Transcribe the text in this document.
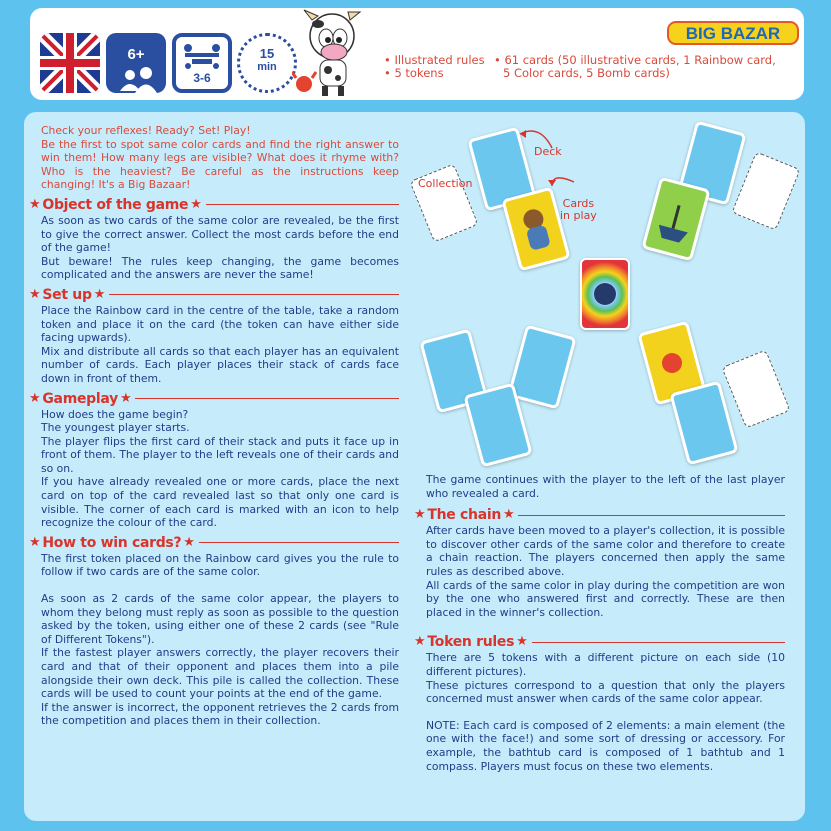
6+
3-6
15
min	• Illustrated rules
• 5 tokens
• 61 cards (50 illustrative cards, 1 Rainbow card,
5 Color cards, 5 Bomb cards)
BIG BAZAR
Check your reflexes! Ready? Set! Play!
Be the first to spot same color cards and find the right answer to win them! How many legs are visible? What does it rhyme with? Who is the heaviest? Be careful as the instructions keep changing! It's a Big Bazaar!
★ Object of the game ★
As soon as two cards of the same color are revealed, be the first to give the correct answer. Collect the most cards before the end of the game!
But beware! The rules keep changing, the game becomes complicated and the answers are never the same!
★ Set up ★
Place the Rainbow card in the centre of the table, take a random token and place it on the card (the token can have either side facing upwards).
Mix and distribute all cards so that each player has an equivalent number of cards. Each player places their stack of cards face down in front of them.
★ Gameplay ★
How does the game begin?
The youngest player starts.
The player flips the first card of their stack and puts it face up in front of them. The player to the left reveals one of their cards and so on.
If you have already revealed one or more cards, place the next card on top of the card revealed last so that only one card is visible. The corner of each card is marked with an icon to help recognize the colour of the card.
★ How to win cards? ★
The first token placed on the Rainbow card gives you the rule to follow if two cards are of the same color.
As soon as 2 cards of the same color appear, the players to whom they belong must reply as soon as possible to the question asked by the token, using either one of these 2 cards (see "Rule of Different Tokens").
If the fastest player answers correctly, the player recovers their card and that of their opponent and places them into a pile alongside their own deck. This pile is called the collection. These cards will be used to count your points at the end of the game.
If the answer is incorrect, the opponent retrieves the 2 cards from the competition and places them in their collection.
Deck
Collection
Cards
in play
The game continues with the player to the left of the last player who revealed a card.
★ The chain ★
After cards have been moved to a player's collection, it is possible to discover other cards of the same color and therefore to create a chain reaction. The players concerned then apply the same rules as described above.
All cards of the same color in play during the competition are won by the one who answered first and correctly. These are then placed in the winner's collection.
★ Token rules ★
There are 5 tokens with a different picture on each side (10 different pictures).
These pictures correspond to a question that only the players concerned must answer when cards of the same color appear.
NOTE: Each card is composed of 2 elements: a main element (the one with the face!) and some sort of dressing or accessory. For example, the bathtub card is composed of 1 bathtub and 1 compass. Players must focus on these two elements.
